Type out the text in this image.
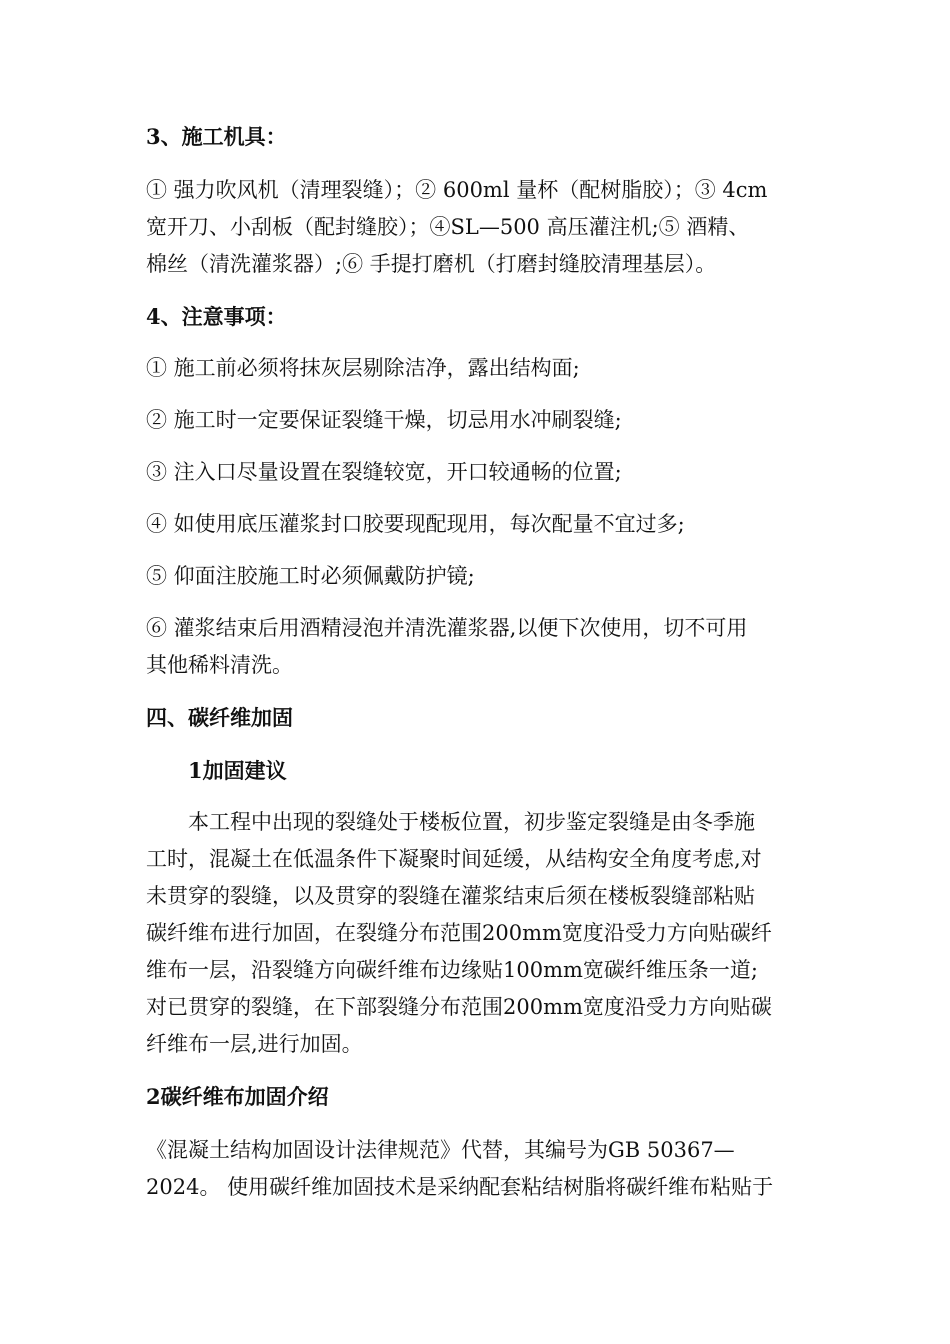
3、施工机具：
① 强力吹风机（清理裂缝）；② 600ml 量杯（配树脂胶）；③ 4cm
宽开刀、小刮板（配封缝胶）；④SL—500 高压灌注机;⑤ 酒精、
棉丝（清洗灌浆器）;⑥ 手提打磨机（打磨封缝胶清理基层）。
4、注意事项：
① 施工前必须将抹灰层剔除洁净，露出结构面;
② 施工时一定要保证裂缝干燥，切忌用水冲刷裂缝;
③ 注入口尽量设置在裂缝较宽，开口较通畅的位置;
④ 如使用底压灌浆封口胶要现配现用，每次配量不宜过多;
⑤ 仰面注胶施工时必须佩戴防护镜;
⑥ 灌浆结束后用酒精浸泡并清洗灌浆器,以便下次使用，切不可用
其他稀料清洗。
四、碳纤维加固
1加固建议
本工程中出现的裂缝处于楼板位置，初步鉴定裂缝是由冬季施
工时，混凝土在低温条件下凝聚时间延缓，从结构安全角度考虑,对
未贯穿的裂缝，以及贯穿的裂缝在灌浆结束后须在楼板裂缝部粘贴
碳纤维布进行加固，在裂缝分布范围200mm宽度沿受力方向贴碳纤
维布一层，沿裂缝方向碳纤维布边缘贴100mm宽碳纤维压条一道;
对已贯穿的裂缝，在下部裂缝分布范围200mm宽度沿受力方向贴碳
纤维布一层,进行加固。
2碳纤维布加固介绍
《混凝土结构加固设计法律规范》代替，其编号为GB 50367—
2024。 使用碳纤维加固技术是采纳配套粘结树脂将碳纤维布粘贴于
